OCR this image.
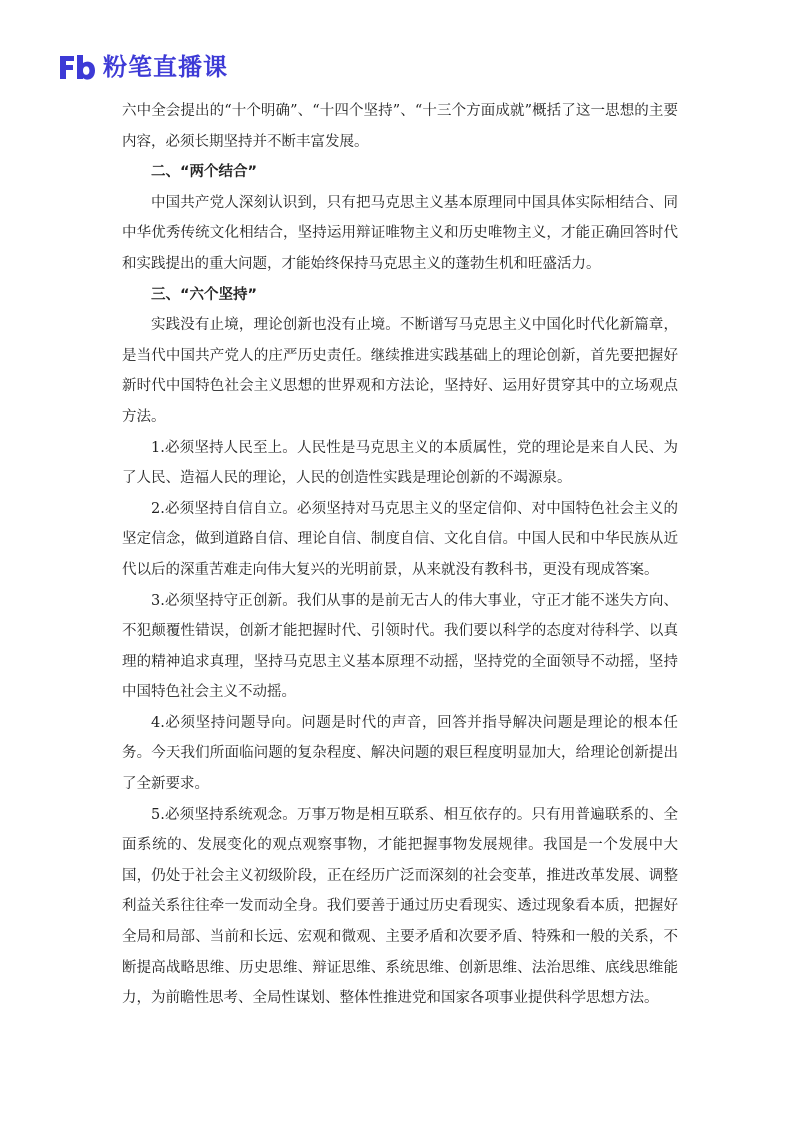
粉笔直播课

六中全会提出的“十个明确”、“十四个坚持”、“十三个方面成就”概括了这一思想的主要内容，必须长期坚持并不断丰富发展。

二、“两个结合”

中国共产党人深刻认识到，只有把马克思主义基本原理同中国具体实际相结合、同中华优秀传统文化相结合，坚持运用辩证唯物主义和历史唯物主义，才能正确回答时代和实践提出的重大问题，才能始终保持马克思主义的蓬勃生机和旺盛活力。

三、“六个坚持”

实践没有止境，理论创新也没有止境。不断谱写马克思主义中国化时代化新篇章，是当代中国共产党人的庄严历史责任。继续推进实践基础上的理论创新，首先要把握好新时代中国特色社会主义思想的世界观和方法论，坚持好、运用好贯穿其中的立场观点方法。

1.必须坚持人民至上。人民性是马克思主义的本质属性，党的理论是来自人民、为了人民、造福人民的理论，人民的创造性实践是理论创新的不竭源泉。

2.必须坚持自信自立。必须坚持对马克思主义的坚定信仰、对中国特色社会主义的坚定信念，做到道路自信、理论自信、制度自信、文化自信。中国人民和中华民族从近代以后的深重苦难走向伟大复兴的光明前景，从来就没有教科书，更没有现成答案。

3.必须坚持守正创新。我们从事的是前无古人的伟大事业，守正才能不迷失方向、不犯颠覆性错误，创新才能把握时代、引领时代。我们要以科学的态度对待科学、以真理的精神追求真理，坚持马克思主义基本原理不动摇，坚持党的全面领导不动摇，坚持中国特色社会主义不动摇。

4.必须坚持问题导向。问题是时代的声音，回答并指导解决问题是理论的根本任务。今天我们所面临问题的复杂程度、解决问题的艰巨程度明显加大，给理论创新提出了全新要求。

5.必须坚持系统观念。万事万物是相互联系、相互依存的。只有用普遍联系的、全面系统的、发展变化的观点观察事物，才能把握事物发展规律。我国是一个发展中大国，仍处于社会主义初级阶段，正在经历广泛而深刻的社会变革，推进改革发展、调整利益关系往往牵一发而动全身。我们要善于通过历史看现实、透过现象看本质，把握好全局和局部、当前和长远、宏观和微观、主要矛盾和次要矛盾、特殊和一般的关系，不断提高战略思维、历史思维、辩证思维、系统思维、创新思维、法治思维、底线思维能力，为前瞻性思考、全局性谋划、整体性推进党和国家各项事业提供科学思想方法。
